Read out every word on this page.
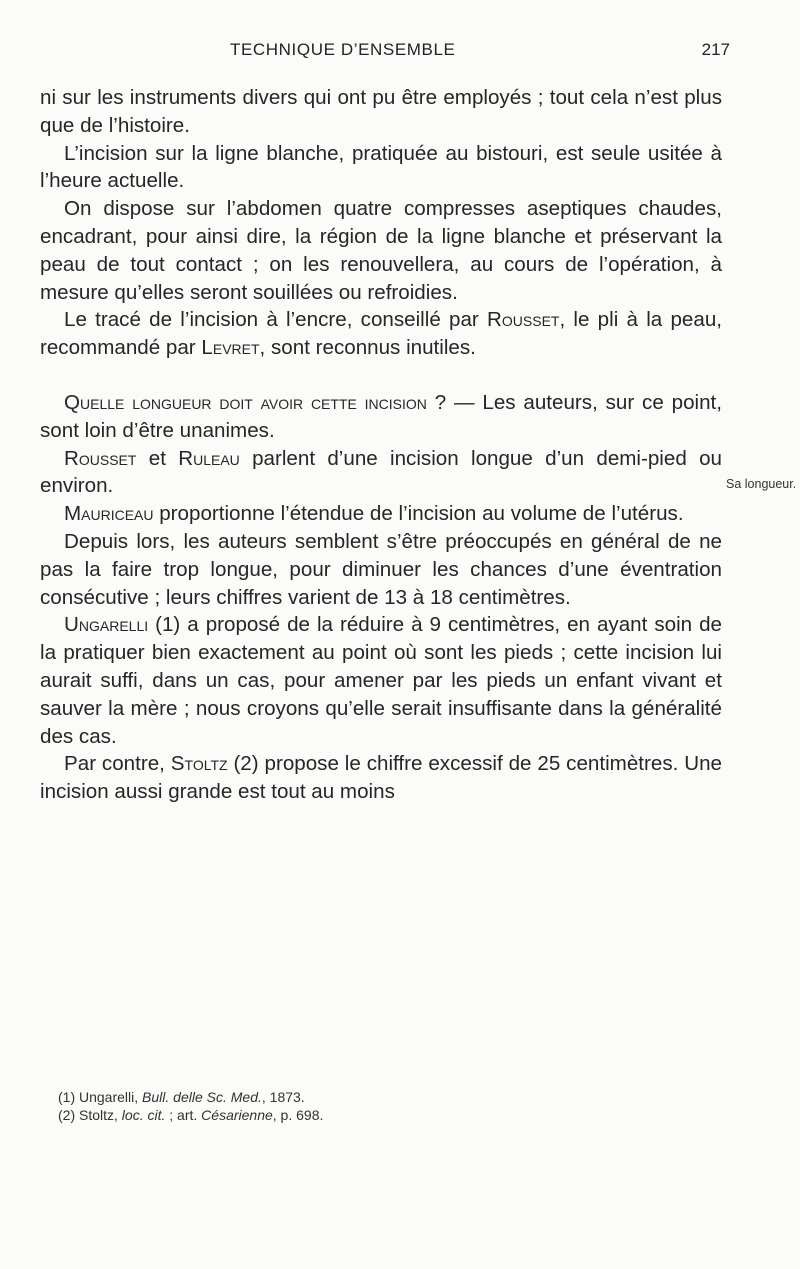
TECHNIQUE D’ENSEMBLE	217

ni sur les instruments divers qui ont pu être employés ; tout cela n’est plus que de l’histoire.

L’incision sur la ligne blanche, pratiquée au bistouri, est seule usitée à l’heure actuelle.

On dispose sur l’abdomen quatre compresses aseptiques chaudes, encadrant, pour ainsi dire, la région de la ligne blanche et préservant la peau de tout contact ; on les renouvellera, au cours de l’opération, à mesure qu’elles seront souillées ou refroidies.

Le tracé de l’incision à l’encre, conseillé par Rousset, le pli à la peau, recommandé par Levret, sont reconnus inutiles.

Quelle longueur doit avoir cette incision ? — Les auteurs, sur ce point, sont loin d’être unanimes.

Rousset et Ruleau parlent d’une incision longue d’un demi-pied ou environ.

Mauriceau proportionne l’étendue de l’incision au volume de l’utérus.

Depuis lors, les auteurs semblent s’être préoccupés en général de ne pas la faire trop longue, pour diminuer les chances d’une éventration consécutive ; leurs chiffres varient de 13 à 18 centimètres.

Ungarelli (1) a proposé de la réduire à 9 centimètres, en ayant soin de la pratiquer bien exactement au point où sont les pieds ; cette incision lui aurait suffi, dans un cas, pour amener par les pieds un enfant vivant et sauver la mère ; nous croyons qu’elle serait insuffisante dans la généralité des cas.

Par contre, Stoltz (2) propose le chiffre excessif de 25 centimètres. Une incision aussi grande est tout au moins

Sa longueur.

(1) Ungarelli, Bull. delle Sc. Med., 1873.

(2) Stoltz, loc. cit. ; art. Césarienne, p. 698.
